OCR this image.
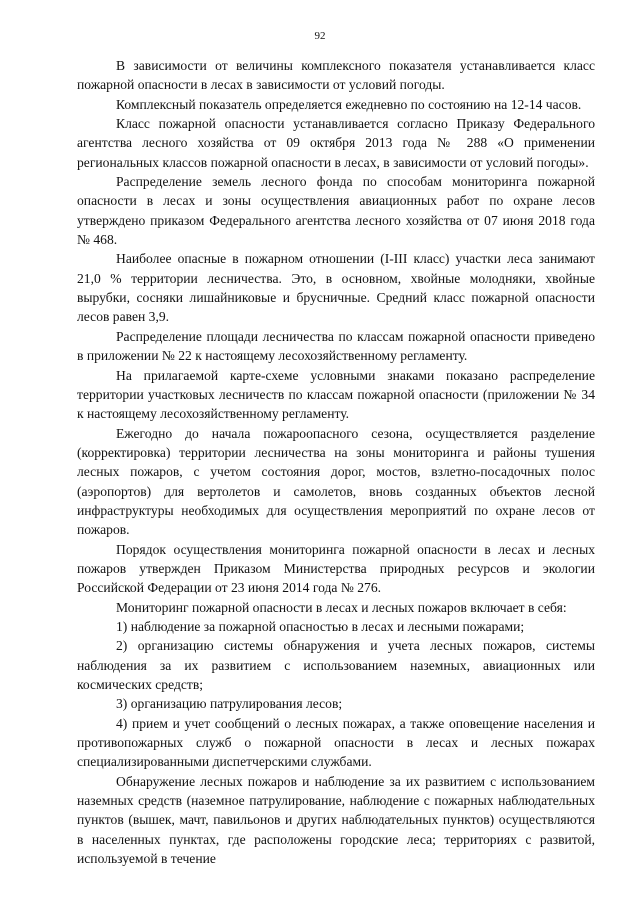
92

В зависимости от величины комплексного показателя устанавливается класс пожарной опасности в лесах в зависимости от условий погоды.

Комплексный показатель определяется ежедневно по состоянию на 12-14 часов.

Класс пожарной опасности устанавливается согласно Приказу Федерального агентства лесного хозяйства от 09 октября 2013 года № 288 «О применении региональных классов пожарной опасности в лесах, в зависимости от условий погоды».

Распределение земель лесного фонда по способам мониторинга пожарной опасности в лесах и зоны осуществления авиационных работ по охране лесов утверждено приказом Федерального агентства лесного хозяйства от 07 июня 2018 года № 468.

Наиболее опасные в пожарном отношении (I-III класс) участки леса занимают 21,0 % территории лесничества. Это, в основном, хвойные молодняки, хвойные вырубки, сосняки лишайниковые и брусничные. Средний класс пожарной опасности лесов равен 3,9.

Распределение площади лесничества по классам пожарной опасности приведено в приложении № 22 к настоящему лесохозяйственному регламенту.

На прилагаемой карте-схеме условными знаками показано распределение территории участковых лесничеств по классам пожарной опасности (приложении № 34 к настоящему лесохозяйственному регламенту.

Ежегодно до начала пожароопасного сезона, осуществляется разделение (корректировка) территории лесничества на зоны мониторинга и районы тушения лесных пожаров, с учетом состояния дорог, мостов, взлетно-посадочных полос (аэропортов) для вертолетов и самолетов, вновь созданных объектов лесной инфраструктуры необходимых для осуществления мероприятий по охране лесов от пожаров.

Порядок осуществления мониторинга пожарной опасности в лесах и лесных пожаров утвержден Приказом Министерства природных ресурсов и экологии Российской Федерации от 23 июня 2014 года № 276.

Мониторинг пожарной опасности в лесах и лесных пожаров включает в себя:

1) наблюдение за пожарной опасностью в лесах и лесными пожарами;

2) организацию системы обнаружения и учета лесных пожаров, системы наблюдения за их развитием с использованием наземных, авиационных или космических средств;

3) организацию патрулирования лесов;

4) прием и учет сообщений о лесных пожарах, а также оповещение населения и противопожарных служб о пожарной опасности в лесах и лесных пожарах специализированными диспетчерскими службами.

Обнаружение лесных пожаров и наблюдение за их развитием с использованием наземных средств (наземное патрулирование, наблюдение с пожарных наблюдательных пунктов (вышек, мачт, павильонов и других наблюдательных пунктов) осуществляются в населенных пунктах, где расположены городские леса; территориях с развитой, используемой в течение
